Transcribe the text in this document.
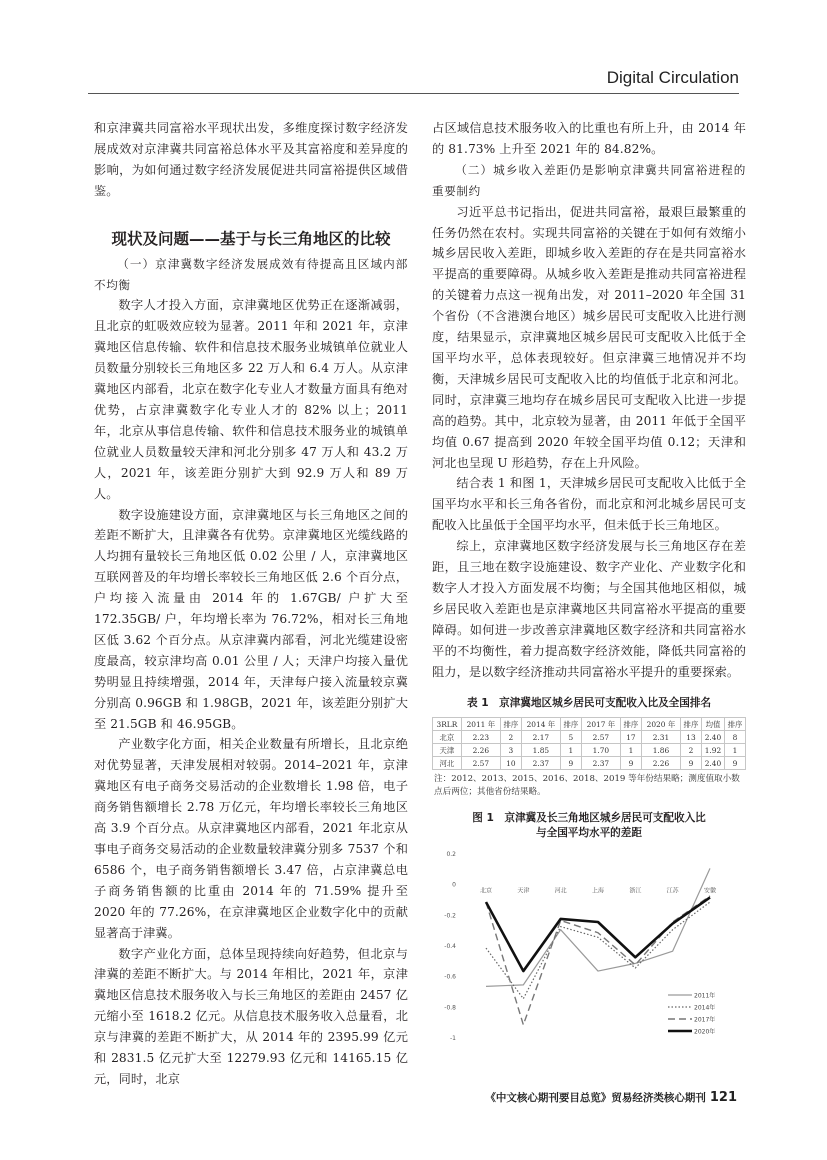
Digital Circulation

和京津冀共同富裕水平现状出发，多维度探讨数字经济发展成效对京津冀共同富裕总体水平及其富裕度和差异度的影响，为如何通过数字经济发展促进共同富裕提供区域借鉴。

现状及问题——基于与长三角地区的比较

（一）京津冀数字经济发展成效有待提高且区域内部不均衡

数字人才投入方面，京津冀地区优势正在逐渐减弱，且北京的虹吸效应较为显著。2011 年和 2021 年，京津冀地区信息传输、软件和信息技术服务业城镇单位就业人员数量分别较长三角地区多 22 万人和 6.4 万人。从京津冀地区内部看，北京在数字化专业人才数量方面具有绝对优势，占京津冀数字化专业人才的 82% 以上；2011 年，北京从事信息传输、软件和信息技术服务业的城镇单位就业人员数量较天津和河北分别多 47 万人和 43.2 万人，2021 年，该差距分别扩大到 92.9 万人和 89 万人。

数字设施建设方面，京津冀地区与长三角地区之间的差距不断扩大，且津冀各有优势。京津冀地区光缆线路的人均拥有量较长三角地区低 0.02 公里 / 人，京津冀地区互联网普及的年均增长率较长三角地区低 2.6 个百分点，户均接入流量由 2014 年的 1.67GB/ 户扩大至 172.35GB/ 户，年均增长率为 76.72%，相对长三角地区低 3.62 个百分点。从京津冀内部看，河北光缆建设密度最高，较京津均高 0.01 公里 / 人；天津户均接入量优势明显且持续增强，2014 年，天津每户接入流量较京冀分别高 0.96GB 和 1.98GB，2021 年，该差距分别扩大至 21.5GB 和 46.95GB。

产业数字化方面，相关企业数量有所增长，且北京绝对优势显著，天津发展相对较弱。2014–2021 年，京津冀地区有电子商务交易活动的企业数增长 1.98 倍，电子商务销售额增长 2.78 万亿元，年均增长率较长三角地区高 3.9 个百分点。从京津冀地区内部看，2021 年北京从事电子商务交易活动的企业数量较津冀分别多 7537 个和 6586 个，电子商务销售额增长 3.47 倍，占京津冀总电子商务销售额的比重由 2014 年的 71.59% 提升至 2020 年的 77.26%，在京津冀地区企业数字化中的贡献显著高于津冀。

数字产业化方面，总体呈现持续向好趋势，但北京与津冀的差距不断扩大。与 2014 年相比，2021 年，京津冀地区信息技术服务收入与长三角地区的差距由 2457 亿元缩小至 1618.2 亿元。从信息技术服务收入总量看，北京与津冀的差距不断扩大，从 2014 年的 2395.99 亿元和 2831.5 亿元扩大至 12279.93 亿元和 14165.15 亿元，同时，北京

占区域信息技术服务收入的比重也有所上升，由 2014 年的 81.73% 上升至 2021 年的 84.82%。

（二）城乡收入差距仍是影响京津冀共同富裕进程的重要制约

习近平总书记指出，促进共同富裕，最艰巨最繁重的任务仍然在农村。实现共同富裕的关键在于如何有效缩小城乡居民收入差距，即城乡收入差距的存在是共同富裕水平提高的重要障碍。从城乡收入差距是推动共同富裕进程的关键着力点这一视角出发，对 2011–2020 年全国 31 个省份（不含港澳台地区）城乡居民可支配收入比进行测度，结果显示，京津冀地区城乡居民可支配收入比低于全国平均水平，总体表现较好。但京津冀三地情况并不均衡，天津城乡居民可支配收入比的均值低于北京和河北。同时，京津冀三地均存在城乡居民可支配收入比进一步提高的趋势。其中，北京较为显著，由 2011 年低于全国平均值 0.67 提高到 2020 年较全国平均值 0.12；天津和河北也呈现 U 形趋势，存在上升风险。

结合表 1 和图 1，天津城乡居民可支配收入比低于全国平均水平和长三角各省份，而北京和河北城乡居民可支配收入比虽低于全国平均水平，但未低于长三角地区。

综上，京津冀地区数字经济发展与长三角地区存在差距，且三地在数字设施建设、数字产业化、产业数字化和数字人才投入方面发展不均衡；与全国其他地区相似，城乡居民收入差距也是京津冀地区共同富裕水平提高的重要障碍。如何进一步改善京津冀地区数字经济和共同富裕水平的不均衡性，着力提高数字经济效能，降低共同富裕的阻力，是以数字经济推动共同富裕水平提升的重要探索。

表 1　京津冀地区城乡居民可支配收入比及全国排名
3RLR	2011 年	排序	2014 年	排序	2017 年	排序	2020 年	排序	均值	排序
北京	2.23	2	2.17	5	2.57	17	2.31	13	2.40	8
天津	2.26	3	1.85	1	1.70	1	1.86	2	1.92	1
河北	2.57	10	2.37	9	2.37	9	2.26	9	2.40	9
注：2012、2013、2015、2016、2018、2019 等年份结果略；测度值取小数点后两位；其他省份结果略。
图 1　京津冀及长三角地区城乡居民可支配收入比
与全国平均水平的差距
0.2
0
-0.2
-0.4
-0.6
-0.8
-1
北京	天津	河北	上海	浙江	江苏	安徽
2011年
2014年
2017年
2020年
《中文核心期刊要目总览》贸易经济类核心期刊 121
